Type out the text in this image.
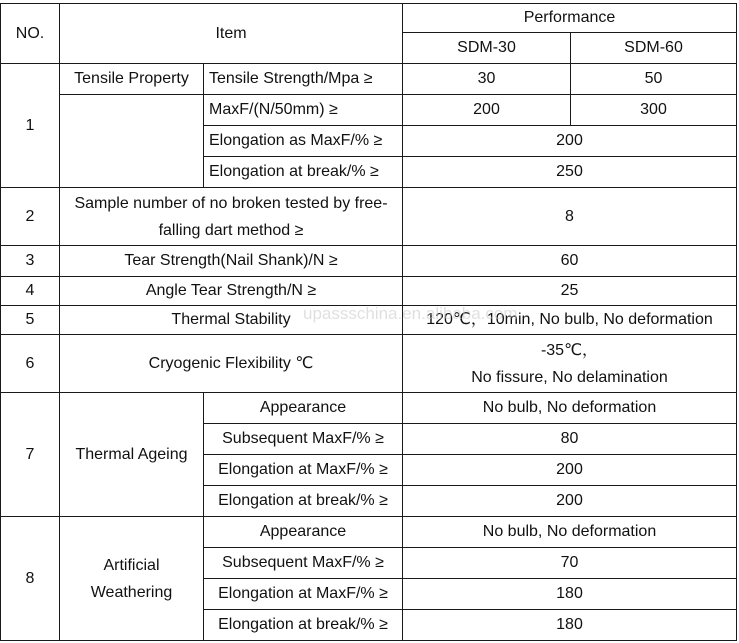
NO.	Item		Performance	
			SDM-30	SDM-60
1	Tensile Property	Tensile Strength/Mpa ≥	30	50
		MaxF/(N/50mm) ≥	200	300
		Elongation as MaxF/% ≥	200	
		Elongation at break/% ≥	250	
2	Sample number of no broken tested by free-falling dart method ≥		8	
3	Tear Strength(Nail Shank)/N ≥		60	
4	Angle Tear Strength/N ≥		25	
5	Thermal Stability		120℃，10min, No bulb, No deformation	
6	Cryogenic Flexibility ℃		-35℃，
No fissure, No delamination	

7	Thermal Ageing	Appearance	No bulb, No deformation	
		Subsequent MaxF/% ≥	80	
		Elongation at MaxF/% ≥	200	
		Elongation at break/% ≥	200	
8	Artificial
Weathering	Appearance	No bulb, No deformation	
		Subsequent MaxF/% ≥	70	
		Elongation at MaxF/% ≥	180	
		Elongation at break/% ≥	180	
upassschina.en.alibaba.com
